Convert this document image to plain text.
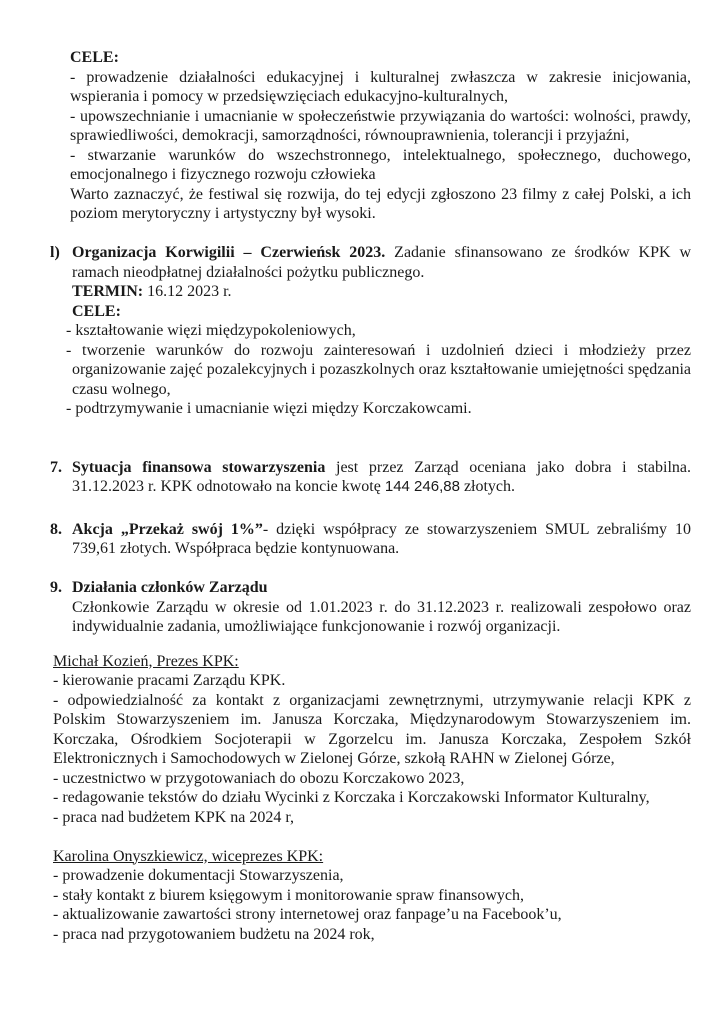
CELE:
- prowadzenie działalności edukacyjnej i kulturalnej zwłaszcza w zakresie inicjowania, wspierania i pomocy w przedsięwzięciach edukacyjno-kulturalnych,
- upowszechnianie i umacnianie w społeczeństwie przywiązania do wartości: wolności, prawdy, sprawiedliwości, demokracji, samorządności, równouprawnienia, tolerancji i przyjaźni,
- stwarzanie warunków do wszechstronnego, intelektualnego, społecznego, duchowego, emocjonalnego i fizycznego rozwoju człowieka
Warto zaznaczyć, że festiwal się rozwija, do tej edycji zgłoszono 23 filmy z całej Polski, a ich poziom merytoryczny i artystyczny był wysoki.
l) Organizacja Korwigilii – Czerwieńsk 2023. Zadanie sfinansowano ze środków KPK w ramach nieodpłatnej działalności pożytku publicznego.
TERMIN: 16.12 2023 r.
CELE:
- kształtowanie więzi międzypokoleniowych,
- tworzenie warunków do rozwoju zainteresowań i uzdolnień dzieci i młodzieży przez organizowanie zajęć pozalekcyjnych i pozaszkolnych oraz kształtowanie umiejętności spędzania czasu wolnego,
- podtrzymywanie i umacnianie więzi między Korczakowcami.
7. Sytuacja finansowa stowarzyszenia jest przez Zarząd oceniana jako dobra i stabilna. 31.12.2023 r. KPK odnotowało na koncie kwotę 144 246,88 złotych.
8. Akcja „Przekaż swój 1%”- dzięki współpracy ze stowarzyszeniem SMUL zebraliśmy 10 739,61 złotych. Współpraca będzie kontynuowana.
9. Działania członków Zarządu
Członkowie Zarządu w okresie od 1.01.2023 r. do 31.12.2023 r. realizowali zespołowo oraz indywidualnie zadania, umożliwiające funkcjonowanie i rozwój organizacji.
Michał Kozień, Prezes KPK:
- kierowanie pracami Zarządu KPK.
- odpowiedzialność za kontakt z organizacjami zewnętrznymi, utrzymywanie relacji KPK z Polskim Stowarzyszeniem im. Janusza Korczaka, Międzynarodowym Stowarzyszeniem im. Korczaka, Ośrodkiem Socjoterapii w Zgorzelcu im. Janusza Korczaka, Zespołem Szkół Elektronicznych i Samochodowych w Zielonej Górze, szkołą RAHN w Zielonej Górze,
- uczestnictwo w przygotowaniach do obozu Korczakowo 2023,
- redagowanie tekstów do działu Wycinki z Korczaka i Korczakowski Informator Kulturalny,
- praca nad budżetem KPK na 2024 r,
Karolina Onyszkiewicz, wiceprezes KPK:
- prowadzenie dokumentacji Stowarzyszenia,
- stały kontakt z biurem księgowym i monitorowanie spraw finansowych,
- aktualizowanie zawartości strony internetowej oraz fanpage’u na Facebook’u,
- praca nad przygotowaniem budżetu na 2024 rok,
